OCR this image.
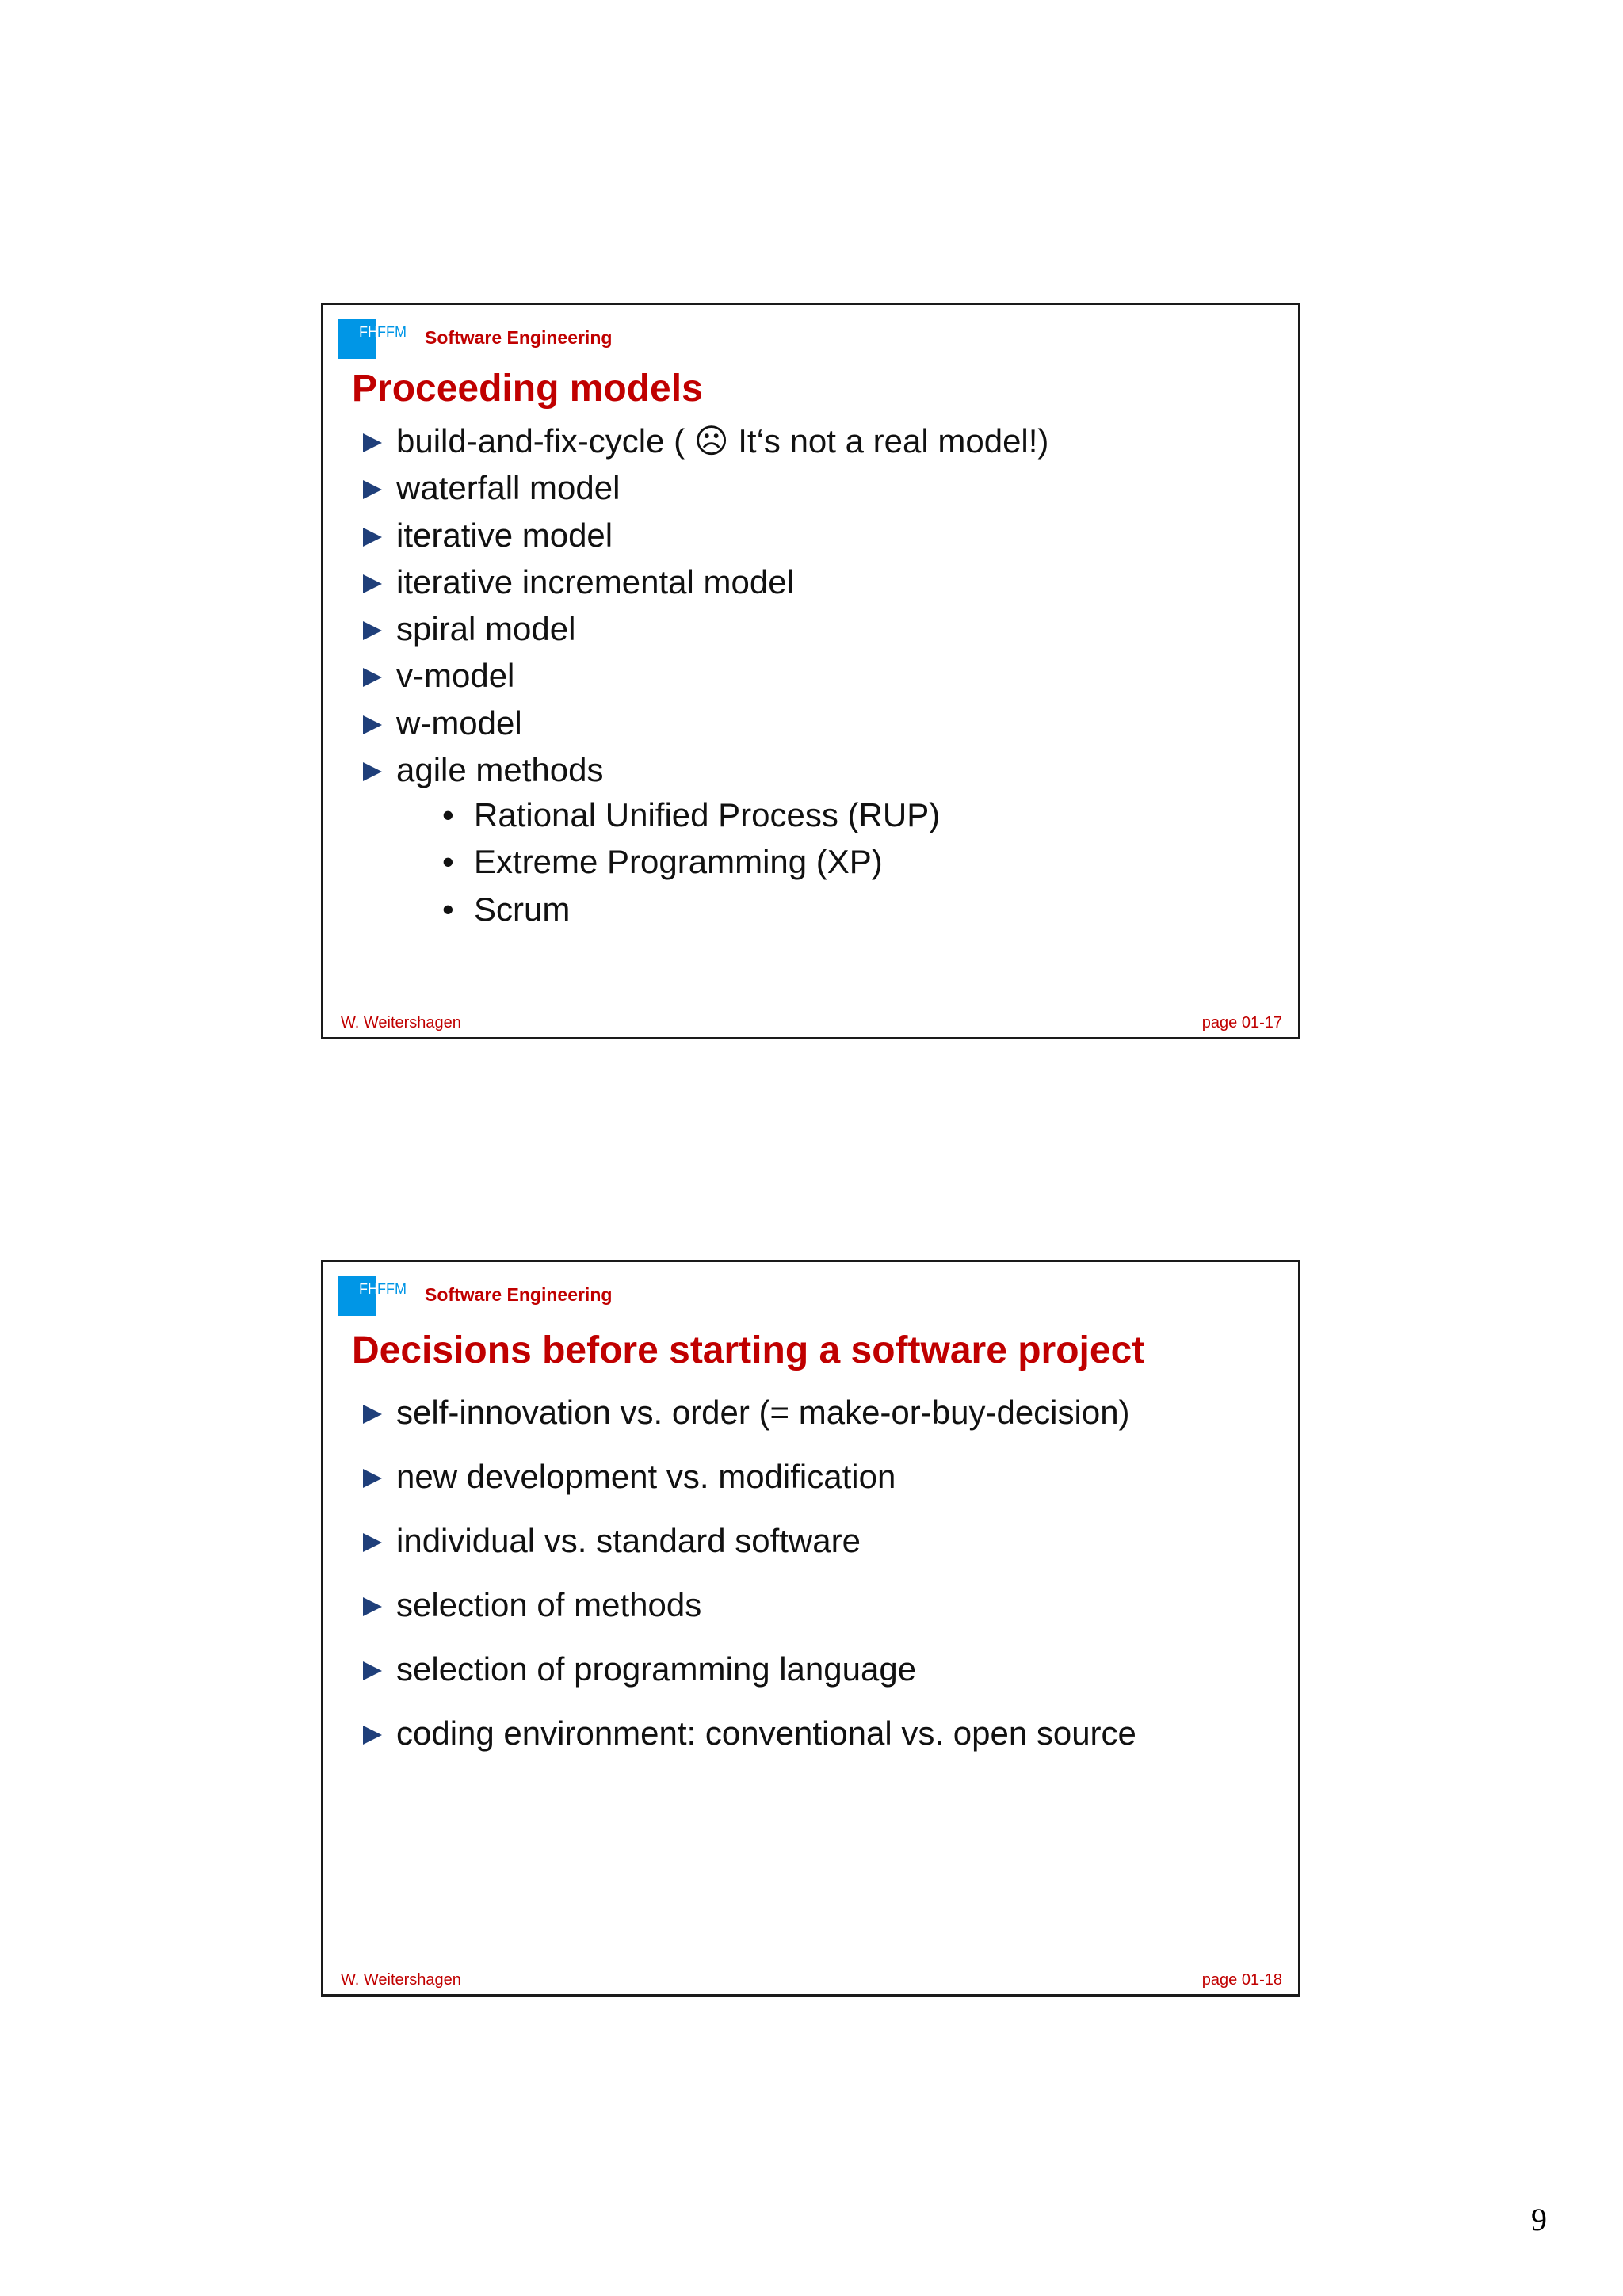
FH FFM Software Engineering
Proceeding models
build-and-fix-cycle ( ☹ It‘s not a real model!)
waterfall model
iterative model
iterative incremental model
spiral model
v-model
w-model
agile methods
• Rational Unified Process (RUP)
• Extreme Programming (XP)
• Scrum
W. Weitershagen	page 01-17
FH FFM Software Engineering
Decisions before starting a software project
self-innovation vs. order (= make-or-buy-decision)
new development vs. modification
individual vs. standard software
selection of methods
selection of programming language
coding environment: conventional vs. open source
W. Weitershagen	page 01-18
9
